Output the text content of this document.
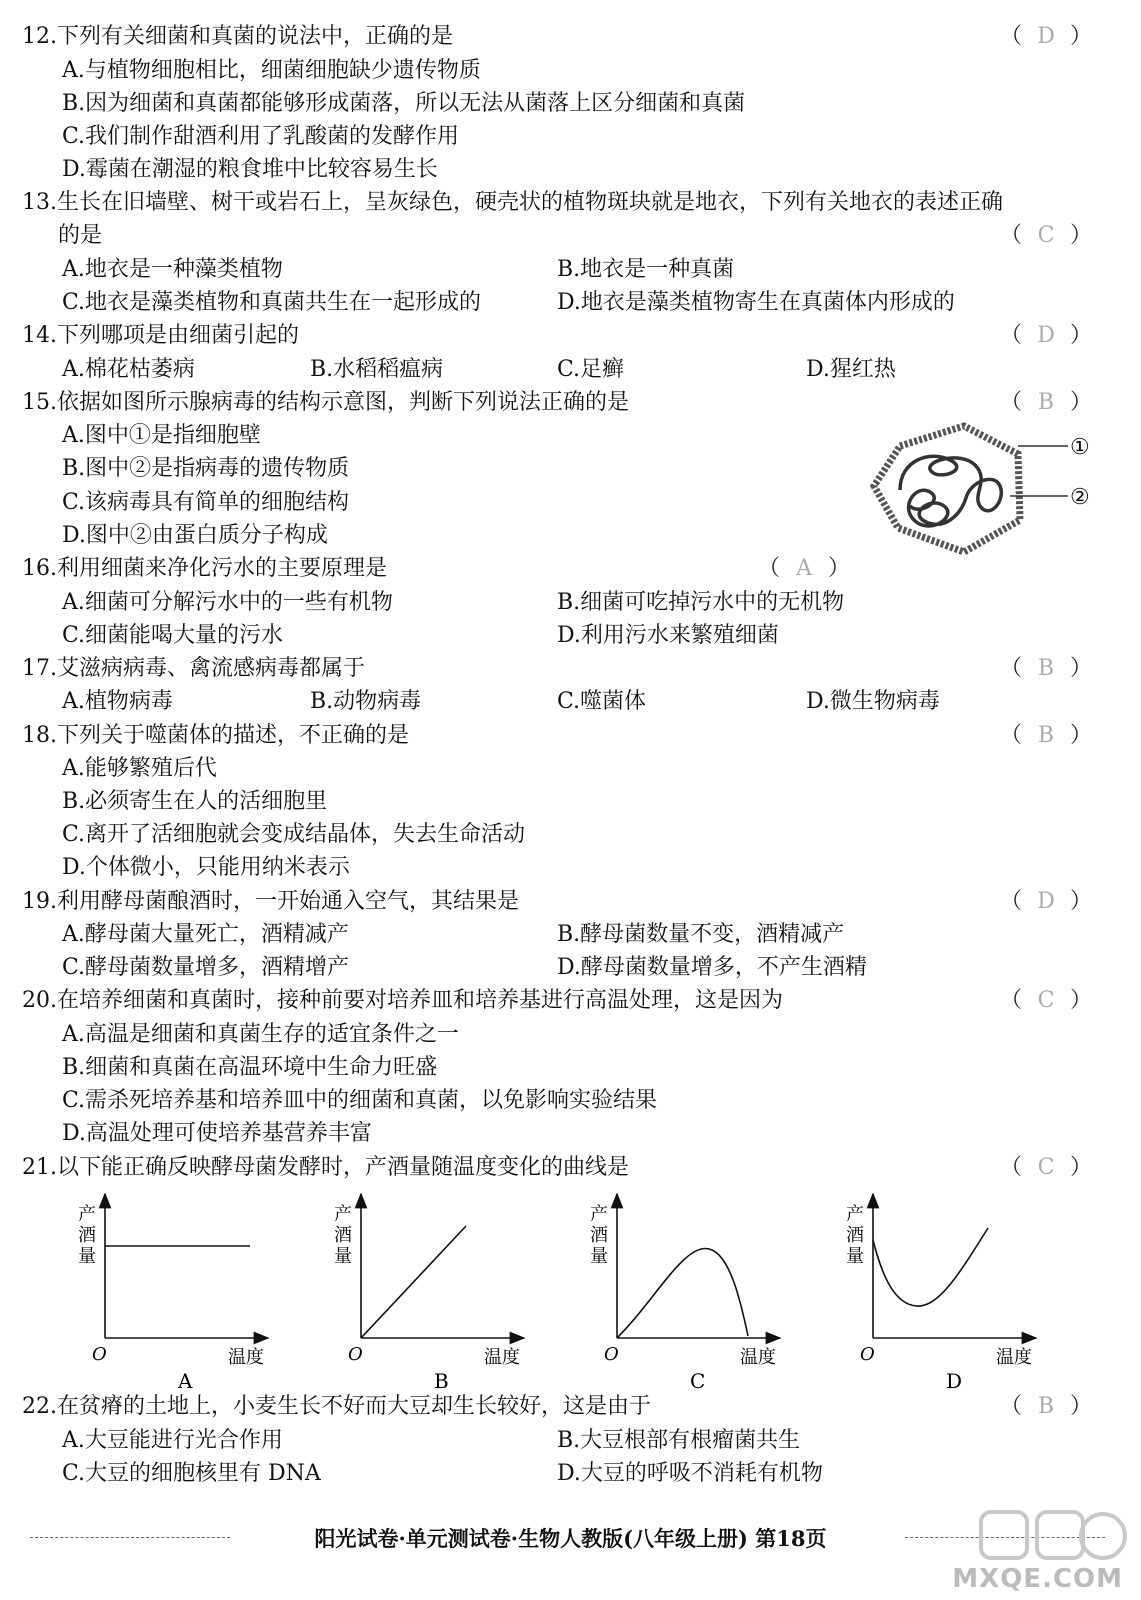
12.下列有关细菌和真菌的说法中，正确的是	（ D ）
A.与植物细胞相比，细菌细胞缺少遗传物质
B.因为细菌和真菌都能够形成菌落，所以无法从菌落上区分细菌和真菌
C.我们制作甜酒利用了乳酸菌的发酵作用
D.霉菌在潮湿的粮食堆中比较容易生长
13.生长在旧墙壁、树干或岩石上，呈灰绿色，硬壳状的植物斑块就是地衣，下列有关地衣的表述正确
的是	（ C ）
A.地衣是一种藻类植物	B.地衣是一种真菌
C.地衣是藻类植物和真菌共生在一起形成的	D.地衣是藻类植物寄生在真菌体内形成的
14.下列哪项是由细菌引起的	（ D ）
A.棉花枯萎病	B.水稻稻瘟病	C.足癣	D.猩红热
15.依据如图所示腺病毒的结构示意图，判断下列说法正确的是	（ B ）
A.图中①是指细胞壁
B.图中②是指病毒的遗传物质
C.该病毒具有简单的细胞结构
D.图中②由蛋白质分子构成
①
②
16.利用细菌来净化污水的主要原理是	（ A ）
A.细菌可分解污水中的一些有机物	B.细菌可吃掉污水中的无机物
C.细菌能喝大量的污水	D.利用污水来繁殖细菌
17.艾滋病病毒、禽流感病毒都属于	（ B ）
A.植物病毒	B.动物病毒	C.噬菌体	D.微生物病毒
18.下列关于噬菌体的描述，不正确的是	（ B ）
A.能够繁殖后代
B.必须寄生在人的活细胞里
C.离开了活细胞就会变成结晶体，失去生命活动
D.个体微小，只能用纳米表示
19.利用酵母菌酿酒时，一开始通入空气，其结果是	（ D ）
A.酵母菌大量死亡，酒精减产	B.酵母菌数量不变，酒精减产
C.酵母菌数量增多，酒精增产	D.酵母菌数量增多，不产生酒精
20.在培养细菌和真菌时，接种前要对培养皿和培养基进行高温处理，这是因为	（ C ）
A.高温是细菌和真菌生存的适宜条件之一
B.细菌和真菌在高温环境中生命力旺盛
C.需杀死培养基和培养皿中的细菌和真菌，以免影响实验结果
D.高温处理可使培养基营养丰富
21.以下能正确反映酵母菌发酵时，产酒量随温度变化的曲线是	（ C ）
产
酒
量
O	温度
A
产
酒
量
O	温度
B
产
酒
量
O	温度
C
产
酒
量
O	温度
D
22.在贫瘠的土地上，小麦生长不好而大豆却生长较好，这是由于	（ B ）
A.大豆能进行光合作用	B.大豆根部有根瘤菌共生
C.大豆的细胞核里有 DNA	D.大豆的呼吸不消耗有机物
阳光试卷·单元测试卷·生物人教版(八年级上册) 第18页
MXQE.COM
